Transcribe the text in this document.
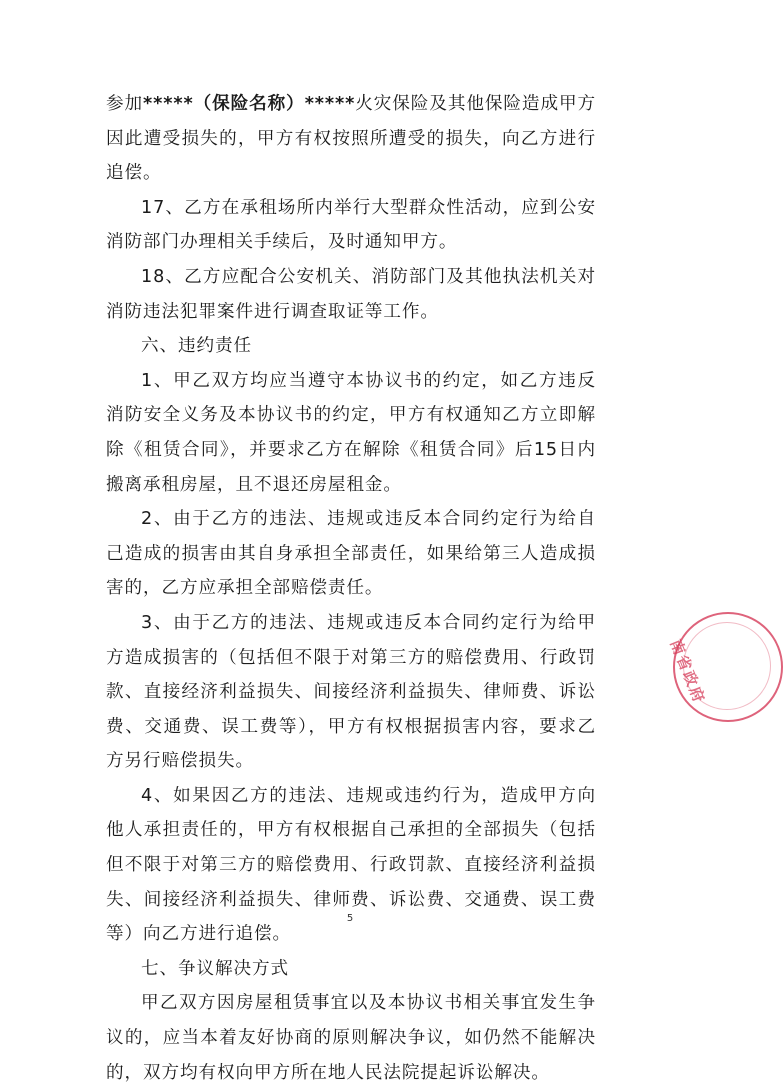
参加*****（保险名称）*****火灾保险及其他保险造成甲方因此遭受损失的，甲方有权按照所遭受的损失，向乙方进行追偿。

17、乙方在承租场所内举行大型群众性活动，应到公安消防部门办理相关手续后，及时通知甲方。

18、乙方应配合公安机关、消防部门及其他执法机关对消防违法犯罪案件进行调查取证等工作。

六、违约责任

1、甲乙双方均应当遵守本协议书的约定，如乙方违反消防安全义务及本协议书的约定，甲方有权通知乙方立即解除《租赁合同》，并要求乙方在解除《租赁合同》后15日内搬离承租房屋，且不退还房屋租金。

2、由于乙方的违法、违规或违反本合同约定行为给自己造成的损害由其自身承担全部责任，如果给第三人造成损害的，乙方应承担全部赔偿责任。

3、由于乙方的违法、违规或违反本合同约定行为给甲方造成损害的（包括但不限于对第三方的赔偿费用、行政罚款、直接经济利益损失、间接经济利益损失、律师费、诉讼费、交通费、误工费等），甲方有权根据损害内容，要求乙方另行赔偿损失。

4、如果因乙方的违法、违规或违约行为，造成甲方向他人承担责任的，甲方有权根据自己承担的全部损失（包括但不限于对第三方的赔偿费用、行政罚款、直接经济利益损失、间接经济利益损失、律师费、诉讼费、交通费、误工费等）向乙方进行追偿。

七、争议解决方式

甲乙双方因房屋租赁事宜以及本协议书相关事宜发生争议的，应当本着友好协商的原则解决争议，如仍然不能解决的，双方均有权向甲方所在地人民法院提起诉讼解决。

5
南省政府
